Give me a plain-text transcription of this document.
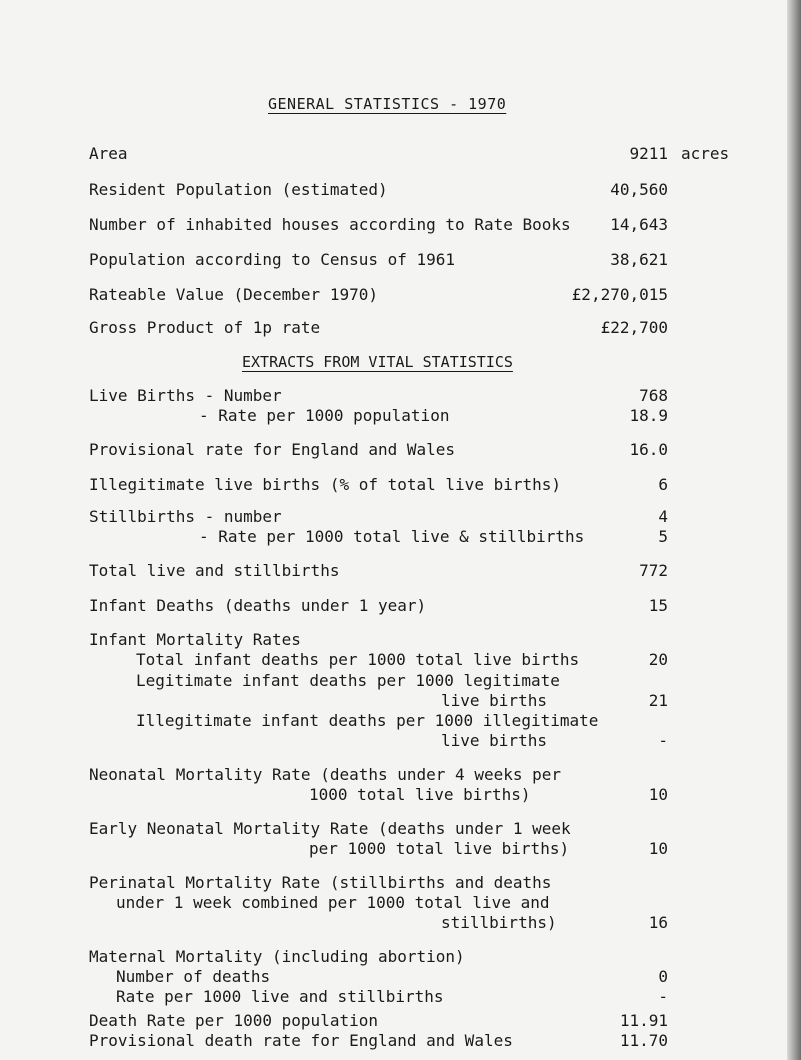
GENERAL STATISTICS - 1970
Area	9211 acres
Resident Population (estimated)	40,560
Number of inhabited houses according to Rate Books 14,643
Population according to Census of 1961	38,621
Rateable Value (December 1970)	£2,270,015
Gross Product of 1p rate	£22,700
EXTRACTS FROM VITAL STATISTICS
Live Births - Number	768
- Rate per 1000 population	18.9
Provisional rate for England and Wales	16.0
Illegitimate live births (% of total live births)	6
Stillbirths - number	4
- Rate per 1000 total live & stillbirths	5
Total live and stillbirths	772
Infant Deaths (deaths under 1 year)	15
Infant Mortality Rates
Total infant deaths per 1000 total live births	20
Legitimate infant deaths per 1000 legitimate
live births	21
Illegitimate infant deaths per 1000 illegitimate
live births	-
Neonatal Mortality Rate (deaths under 4 weeks per
1000 total live births)	10
Early Neonatal Mortality Rate (deaths under 1 week
per 1000 total live births)	10
Perinatal Mortality Rate (stillbirths and deaths
under 1 week combined per 1000 total live and
stillbirths)	16
Maternal Mortality (including abortion)
Number of deaths	0
Rate per 1000 live and stillbirths	-
Death Rate per 1000 population	11.91
Provisional death rate for England and Wales	11.70
